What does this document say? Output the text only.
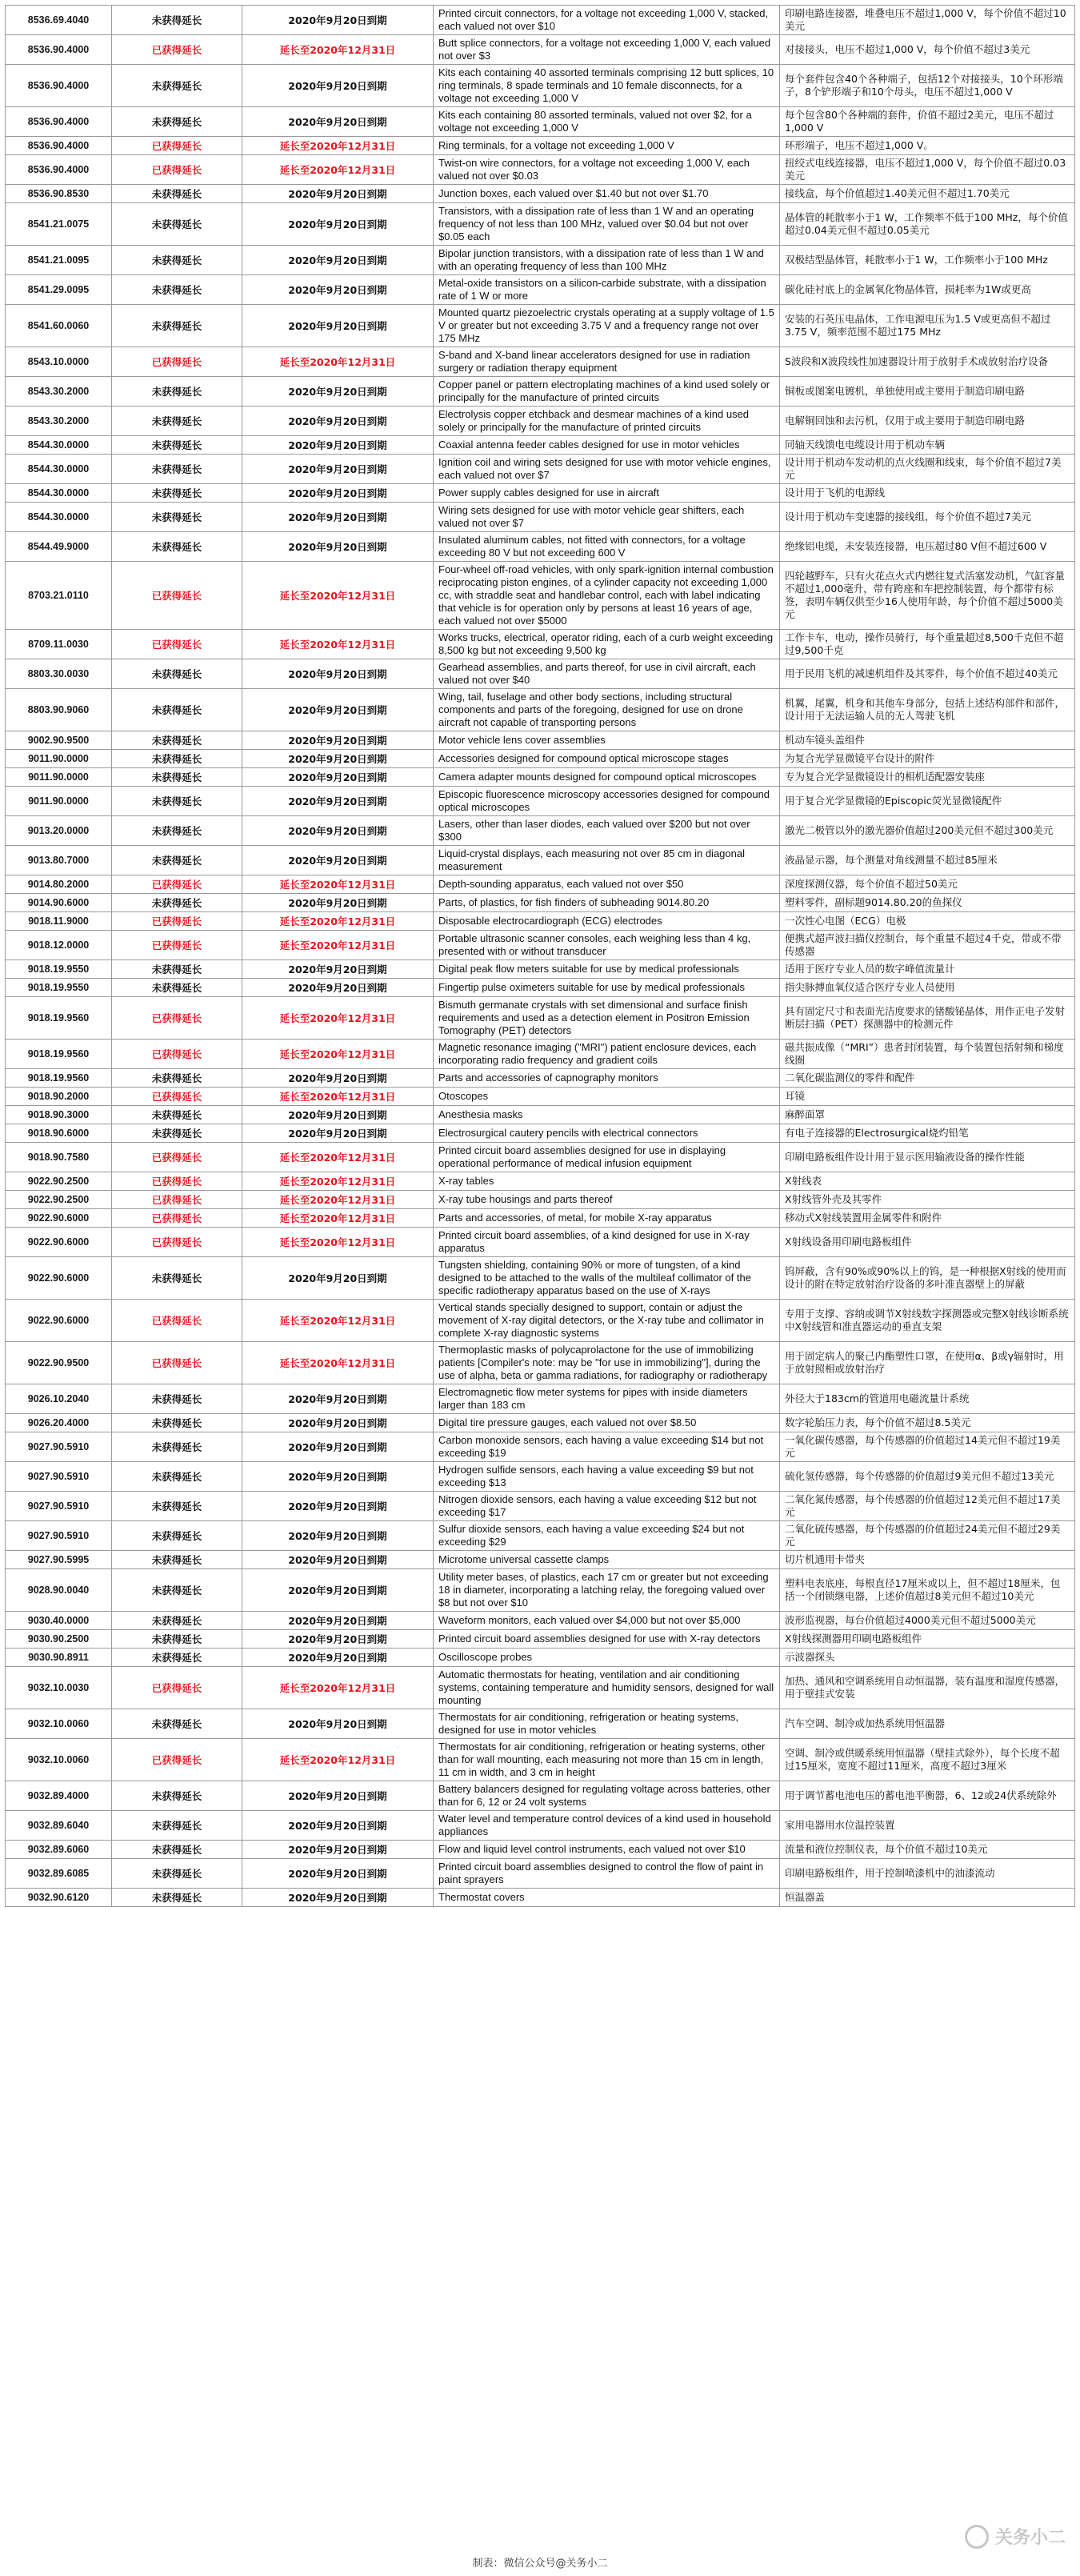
8536.69.4040	未获得延长	2020年9月20日到期	Printed circuit connectors, for a voltage not exceeding 1,000 V, stacked, each valued not over $10	印刷电路连接器，堆叠电压不超过1,000 V，每个价值不超过10美元
8536.90.4000	已获得延长	延长至2020年12月31日	Butt splice connectors, for a voltage not exceeding 1,000 V, each valued not over $3	对接接头，电压不超过1,000 V，每个价值不超过3美元
8536.90.4000	未获得延长	2020年9月20日到期	Kits each containing 40 assorted terminals comprising 12 butt splices, 10 ring terminals, 8 spade terminals and 10 female disconnects, for a voltage not exceeding 1,000 V	每个套件包含40个各种端子，包括12个对接接头，10个环形端子，8个铲形端子和10个母头，电压不超过1,000 V
8536.90.4000	未获得延长	2020年9月20日到期	Kits each containing 80 assorted terminals, valued not over $2, for a voltage not exceeding 1,000 V	每个包含80个各种端的套件，价值不超过2美元，电压不超过1,000 V
8536.90.4000	已获得延长	延长至2020年12月31日	Ring terminals, for a voltage not exceeding 1,000 V	环形端子，电压不超过1,000 V。
8536.90.4000	已获得延长	延长至2020年12月31日	Twist-on wire connectors, for a voltage not exceeding 1,000 V, each valued not over $0.03	扭绞式电线连接器，电压不超过1,000 V，每个价值不超过0.03美元
8536.90.8530	未获得延长	2020年9月20日到期	Junction boxes, each valued over $1.40 but not over $1.70	接线盒，每个价值超过1.40美元但不超过1.70美元
8541.21.0075	未获得延长	2020年9月20日到期	Transistors, with a dissipation rate of less than 1 W and an operating frequency of not less than 100 MHz, valued over $0.04 but not over $0.05 each	晶体管的耗散率小于1 W，工作频率不低于100 MHz，每个价值超过0.04美元但不超过0.05美元
8541.21.0095	未获得延长	2020年9月20日到期	Bipolar junction transistors, with a dissipation rate of less than 1 W and with an operating frequency of less than 100 MHz	双极结型晶体管，耗散率小于1 W，工作频率小于100 MHz
8541.29.0095	未获得延长	2020年9月20日到期	Metal-oxide transistors on a silicon-carbide substrate, with a dissipation rate of 1 W or more	碳化硅衬底上的金属氧化物晶体管，损耗率为1W或更高
8541.60.0060	未获得延长	2020年9月20日到期	Mounted quartz piezoelectric crystals operating at a supply voltage of 1.5 V or greater but not exceeding 3.75 V and a frequency range not over 175 MHz	安装的石英压电晶体，工作电源电压为1.5 V或更高但不超过3.75 V，频率范围不超过175 MHz
8543.10.0000	已获得延长	延长至2020年12月31日	S-band and X-band linear accelerators designed for use in radiation surgery or radiation therapy equipment	S波段和X波段线性加速器设计用于放射手术或放射治疗设备
8543.30.2000	未获得延长	2020年9月20日到期	Copper panel or pattern electroplating machines of a kind used solely or principally for the manufacture of printed circuits	铜板或图案电镀机，单独使用或主要用于制造印刷电路
8543.30.2000	未获得延长	2020年9月20日到期	Electrolysis copper etchback and desmear machines of a kind used solely or principally for the manufacture of printed circuits	电解铜回蚀和去污机，仅用于或主要用于制造印刷电路
8544.30.0000	未获得延长	2020年9月20日到期	Coaxial antenna feeder cables designed for use in motor vehicles	同轴天线馈电电缆设计用于机动车辆
8544.30.0000	未获得延长	2020年9月20日到期	Ignition coil and wiring sets designed for use with motor vehicle engines, each valued not over $7	设计用于机动车发动机的点火线圈和线束，每个价值不超过7美元
8544.30.0000	未获得延长	2020年9月20日到期	Power supply cables designed for use in aircraft	设计用于飞机的电源线
8544.30.0000	未获得延长	2020年9月20日到期	Wiring sets designed for use with motor vehicle gear shifters, each valued not over $7	设计用于机动车变速器的接线组，每个价值不超过7美元
8544.49.9000	未获得延长	2020年9月20日到期	Insulated aluminum cables, not fitted with connectors, for a voltage exceeding 80 V but not exceeding 600 V	绝缘铝电缆，未安装连接器，电压超过80 V但不超过600 V
8703.21.0110	已获得延长	延长至2020年12月31日	Four-wheel off-road vehicles, with only spark-ignition internal combustion reciprocating piston engines, of a cylinder capacity not exceeding 1,000 cc, with straddle seat and handlebar control, each with label indicating that vehicle is for operation only by persons at least 16 years of age, each valued not over $5000	四轮越野车，只有火花点火式内燃往复式活塞发动机，气缸容量不超过1,000毫升，带有跨座和车把控制装置，每个都带有标签，表明车辆仅供至少16人使用年龄，每个价值不超过5000美元
8709.11.0030	已获得延长	延长至2020年12月31日	Works trucks, electrical, operator riding, each of a curb weight exceeding 8,500 kg but not exceeding 9,500 kg	工作卡车，电动，操作员骑行，每个重量超过8,500千克但不超过9,500千克
8803.30.0030	未获得延长	2020年9月20日到期	Gearhead assemblies, and parts thereof, for use in civil aircraft, each valued not over $40	用于民用飞机的减速机组件及其零件，每个价值不超过40美元
8803.90.9060	未获得延长	2020年9月20日到期	Wing, tail, fuselage and other body sections, including structural components and parts of the foregoing, designed for use on drone aircraft not capable of transporting persons	机翼，尾翼，机身和其他车身部分，包括上述结构部件和部件，设计用于无法运输人员的无人驾驶飞机
9002.90.9500	未获得延长	2020年9月20日到期	Motor vehicle lens cover assemblies	机动车镜头盖组件
9011.90.0000	未获得延长	2020年9月20日到期	Accessories designed for compound optical microscope stages	为复合光学显微镜平台设计的附件
9011.90.0000	未获得延长	2020年9月20日到期	Camera adapter mounts designed for compound optical microscopes	专为复合光学显微镜设计的相机适配器安装座
9011.90.0000	未获得延长	2020年9月20日到期	Episcopic fluorescence microscopy accessories designed for compound optical microscopes	用于复合光学显微镜的Episcopic荧光显微镜配件
9013.20.0000	未获得延长	2020年9月20日到期	Lasers, other than laser diodes, each valued over $200 but not over $300	激光二极管以外的激光器价值超过200美元但不超过300美元
9013.80.7000	未获得延长	2020年9月20日到期	Liquid-crystal displays, each measuring not over 85 cm in diagonal measurement	液晶显示器，每个测量对角线测量不超过85厘米
9014.80.2000	已获得延长	延长至2020年12月31日	Depth-sounding apparatus, each valued not over $50	深度探测仪器，每个价值不超过50美元
9014.90.6000	未获得延长	2020年9月20日到期	Parts, of plastics, for fish finders of subheading 9014.80.20	塑料零件，副标题9014.80.20的鱼探仪
9018.11.9000	已获得延长	延长至2020年12月31日	Disposable electrocardiograph (ECG) electrodes	一次性心电图（ECG）电极
9018.12.0000	已获得延长	延长至2020年12月31日	Portable ultrasonic scanner consoles, each weighing less than 4 kg, presented with or without transducer	便携式超声波扫描仪控制台，每个重量不超过4千克，带或不带传感器
9018.19.9550	未获得延长	2020年9月20日到期	Digital peak flow meters suitable for use by medical professionals	适用于医疗专业人员的数字峰值流量计
9018.19.9550	未获得延长	2020年9月20日到期	Fingertip pulse oximeters suitable for use by medical professionals	指尖脉搏血氧仪适合医疗专业人员使用
9018.19.9560	已获得延长	延长至2020年12月31日	Bismuth germanate crystals with set dimensional and surface finish requirements and used as a detection element in Positron Emission Tomography (PET) detectors	具有固定尺寸和表面光洁度要求的锗酸铋晶体，用作正电子发射断层扫描（PET）探测器中的检测元件
9018.19.9560	已获得延长	延长至2020年12月31日	Magnetic resonance imaging ("MRI") patient enclosure devices, each incorporating radio frequency and gradient coils	磁共振成像（“MRI”）患者封闭装置，每个装置包括射频和梯度线圈
9018.19.9560	未获得延长	2020年9月20日到期	Parts and accessories of capnography monitors	二氧化碳监测仪的零件和配件
9018.90.2000	已获得延长	延长至2020年12月31日	Otoscopes	耳镜
9018.90.3000	未获得延长	2020年9月20日到期	Anesthesia masks	麻醉面罩
9018.90.6000	未获得延长	2020年9月20日到期	Electrosurgical cautery pencils with electrical connectors	有电子连接器的Electrosurgical烧灼铅笔
9018.90.7580	已获得延长	延长至2020年12月31日	Printed circuit board assemblies designed for use in displaying operational performance of medical infusion equipment	印刷电路板组件设计用于显示医用输液设备的操作性能
9022.90.2500	已获得延长	延长至2020年12月31日	X-ray tables	X射线表
9022.90.2500	已获得延长	延长至2020年12月31日	X-ray tube housings and parts thereof	X射线管外壳及其零件
9022.90.6000	已获得延长	延长至2020年12月31日	Parts and accessories, of metal, for mobile X-ray apparatus	移动式X射线装置用金属零件和附件
9022.90.6000	已获得延长	延长至2020年12月31日	Printed circuit board assemblies, of a kind designed for use in X-ray apparatus	X射线设备用印刷电路板组件
9022.90.6000	未获得延长	2020年9月20日到期	Tungsten shielding, containing 90% or more of tungsten, of a kind designed to be attached to the walls of the multileaf collimator of the specific radiotherapy apparatus based on the use of X-rays	钨屏蔽，含有90%或90%以上的钨，是一种根据X射线的使用而设计的附在特定放射治疗设备的多叶准直器壁上的屏蔽
9022.90.6000	已获得延长	延长至2020年12月31日	Vertical stands specially designed to support, contain or adjust the movement of X-ray digital detectors, or the X-ray tube and collimator in complete X-ray diagnostic systems	专用于支撑、容纳或调节X射线数字探测器或完整X射线诊断系统中X射线管和准直器运动的垂直支架
9022.90.9500	已获得延长	延长至2020年12月31日	Thermoplastic masks of polycaprolactone for the use of immobilizing patients [Compiler's note: may be "for use in immobilizing"], during the use of alpha, beta or gamma radiations, for radiography or radiotherapy	用于固定病人的聚己内酯塑性口罩，在使用α、β或γ辐射时，用于放射照相或放射治疗
9026.10.2040	未获得延长	2020年9月20日到期	Electromagnetic flow meter systems for pipes with inside diameters larger than 183 cm	外径大于183cm的管道用电磁流量计系统
9026.20.4000	未获得延长	2020年9月20日到期	Digital tire pressure gauges, each valued not over $8.50	数字轮胎压力表，每个价值不超过8.5美元
9027.90.5910	未获得延长	2020年9月20日到期	Carbon monoxide sensors, each having a value exceeding $14 but not exceeding $19	一氧化碳传感器，每个传感器的价值超过14美元但不超过19美元
9027.90.5910	未获得延长	2020年9月20日到期	Hydrogen sulfide sensors, each having a value exceeding $9 but not exceeding $13	硫化氢传感器，每个传感器的价值超过9美元但不超过13美元
9027.90.5910	未获得延长	2020年9月20日到期	Nitrogen dioxide sensors, each having a value exceeding $12 but not exceeding $17	二氧化氮传感器，每个传感器的价值超过12美元但不超过17美元
9027.90.5910	未获得延长	2020年9月20日到期	Sulfur dioxide sensors, each having a value exceeding $24 but not exceeding $29	二氧化硫传感器，每个传感器的价值超过24美元但不超过29美元
9027.90.5995	未获得延长	2020年9月20日到期	Microtome universal cassette clamps	切片机通用卡带夹
9028.90.0040	未获得延长	2020年9月20日到期	Utility meter bases, of plastics, each 17 cm or greater but not exceeding 18 in diameter, incorporating a latching relay, the foregoing valued over $8 but not over $10	塑料电表底座，每根直径17厘米或以上，但不超过18厘米，包括一个闭锁继电器，上述价值超过8美元但不超过10美元
9030.40.0000	未获得延长	2020年9月20日到期	Waveform monitors, each valued over $4,000 but not over $5,000	波形监视器，每台价值超过4000美元但不超过5000美元
9030.90.2500	未获得延长	2020年9月20日到期	Printed circuit board assemblies designed for use with X-ray detectors	X射线探测器用印刷电路板组件
9030.90.8911	未获得延长	2020年9月20日到期	Oscilloscope probes	示波器探头
9032.10.0030	已获得延长	延长至2020年12月31日	Automatic thermostats for heating, ventilation and air conditioning systems, containing temperature and humidity sensors, designed for wall mounting	加热、通风和空调系统用自动恒温器，装有温度和湿度传感器，用于壁挂式安装
9032.10.0060	未获得延长	2020年9月20日到期	Thermostats for air conditioning, refrigeration or heating systems, designed for use in motor vehicles	汽车空调、制冷或加热系统用恒温器
9032.10.0060	已获得延长	延长至2020年12月31日	Thermostats for air conditioning, refrigeration or heating systems, other than for wall mounting, each measuring not more than 15 cm in length, 11 cm in width, and 3 cm in height	空调、制冷或供暖系统用恒温器（壁挂式除外），每个长度不超过15厘米，宽度不超过11厘米，高度不超过3厘米
9032.89.4000	未获得延长	2020年9月20日到期	Battery balancers designed for regulating voltage across batteries, other than for 6, 12 or 24 volt systems	用于调节蓄电池电压的蓄电池平衡器，6、12或24伏系统除外
9032.89.6040	未获得延长	2020年9月20日到期	Water level and temperature control devices of a kind used in household appliances	家用电器用水位温控装置
9032.89.6060	未获得延长	2020年9月20日到期	Flow and liquid level control instruments, each valued not over $10	流量和液位控制仪表，每个价值不超过10美元
9032.89.6085	未获得延长	2020年9月20日到期	Printed circuit board assemblies designed to control the flow of paint in paint sprayers	印刷电路板组件，用于控制喷漆机中的油漆流动
9032.90.6120	未获得延长	2020年9月20日到期	Thermostat covers	恒温器盖
关务小二
制表：微信公众号@关务小二
